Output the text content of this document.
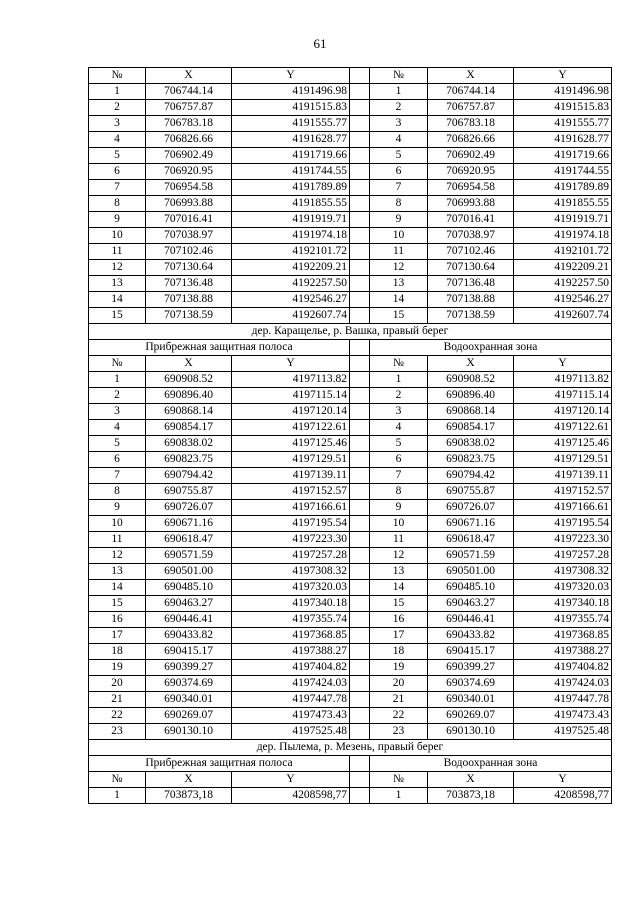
61
№	X	Y		№	X	Y
1	706744.14	4191496.98		1	706744.14	4191496.98
2	706757.87	4191515.83		2	706757.87	4191515.83
3	706783.18	4191555.77		3	706783.18	4191555.77
4	706826.66	4191628.77		4	706826.66	4191628.77
5	706902.49	4191719.66		5	706902.49	4191719.66
6	706920.95	4191744.55		6	706920.95	4191744.55
7	706954.58	4191789.89		7	706954.58	4191789.89
8	706993.88	4191855.55		8	706993.88	4191855.55
9	707016.41	4191919.71		9	707016.41	4191919.71
10	707038.97	4191974.18		10	707038.97	4191974.18
11	707102.46	4192101.72		11	707102.46	4192101.72
12	707130.64	4192209.21		12	707130.64	4192209.21
13	707136.48	4192257.50		13	707136.48	4192257.50
14	707138.88	4192546.27		14	707138.88	4192546.27
15	707138.59	4192607.74		15	707138.59	4192607.74
дер. Каращелье, р. Вашка, правый берег						
Прибрежная защитная полоса				Водоохранная зона		
№	X	Y		№	X	Y
1	690908.52	4197113.82		1	690908.52	4197113.82
2	690896.40	4197115.14		2	690896.40	4197115.14
3	690868.14	4197120.14		3	690868.14	4197120.14
4	690854.17	4197122.61		4	690854.17	4197122.61
5	690838.02	4197125.46		5	690838.02	4197125.46
6	690823.75	4197129.51		6	690823.75	4197129.51
7	690794.42	4197139.11		7	690794.42	4197139.11
8	690755.87	4197152.57		8	690755.87	4197152.57
9	690726.07	4197166.61		9	690726.07	4197166.61
10	690671.16	4197195.54		10	690671.16	4197195.54
11	690618.47	4197223.30		11	690618.47	4197223.30
12	690571.59	4197257.28		12	690571.59	4197257.28
13	690501.00	4197308.32		13	690501.00	4197308.32
14	690485.10	4197320.03		14	690485.10	4197320.03
15	690463.27	4197340.18		15	690463.27	4197340.18
16	690446.41	4197355.74		16	690446.41	4197355.74
17	690433.82	4197368.85		17	690433.82	4197368.85
18	690415.17	4197388.27		18	690415.17	4197388.27
19	690399.27	4197404.82		19	690399.27	4197404.82
20	690374.69	4197424.03		20	690374.69	4197424.03
21	690340.01	4197447.78		21	690340.01	4197447.78
22	690269.07	4197473.43		22	690269.07	4197473.43
23	690130.10	4197525.48		23	690130.10	4197525.48
дер. Пылема, р. Мезень, правый берег						
Прибрежная защитная полоса				Водоохранная зона		
№	X	Y		№	X	Y
1	703873,18	4208598,77		1	703873,18	4208598,77
